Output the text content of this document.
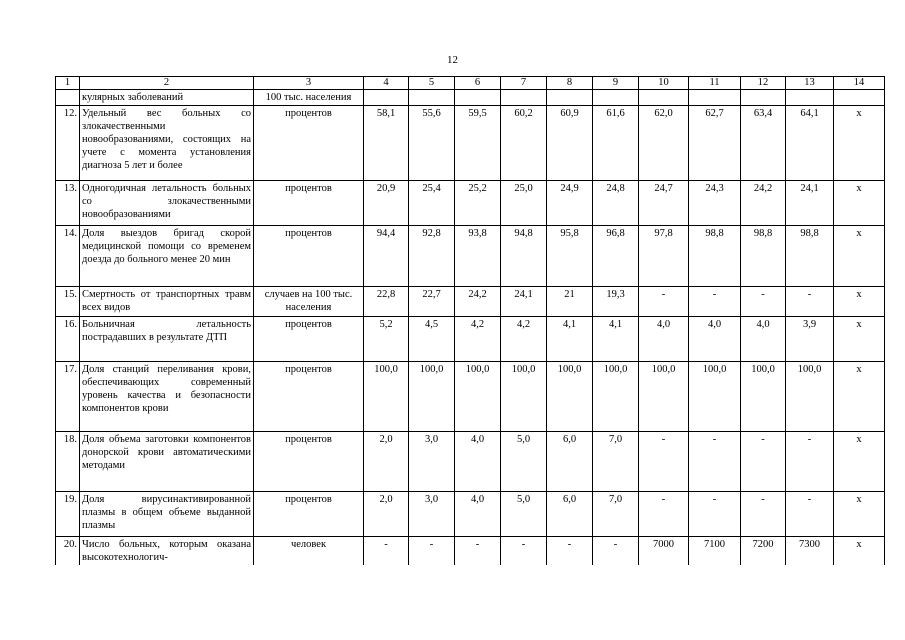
12
1	2	3	4	5	6	7	8	9	10	11	12	13	14
	кулярных заболеваний	100 тыс. населения											
12.	Удельный вес больных со злокачественными новообразованиями, состоящих на учете с момента установления диагноза 5 лет и более	процентов	58,1	55,6	59,5	60,2	60,9	61,6	62,0	62,7	63,4	64,1	х
13.	Одногодичная летальность больных со злокачественными новообразованиями	процентов	20,9	25,4	25,2	25,0	24,9	24,8	24,7	24,3	24,2	24,1	х
14.	Доля выездов бригад скорой медицинской помощи со временем доезда до больного менее 20 мин	процентов	94,4	92,8	93,8	94,8	95,8	96,8	97,8	98,8	98,8	98,8	х
15.	Смертность от транспортных травм всех видов	случаев на 100 тыс. населения	22,8	22,7	24,2	24,1	21	19,3	-	-	-	-	х
16.	Больничная летальность пострадавших в результате ДТП	процентов	5,2	4,5	4,2	4,2	4,1	4,1	4,0	4,0	4,0	3,9	х
17.	Доля станций переливания крови, обеспечивающих современный уровень качества и безопасности компонентов крови	процентов	100,0	100,0	100,0	100,0	100,0	100,0	100,0	100,0	100,0	100,0	х
18.	Доля объема заготовки компонентов донорской крови автоматическими методами	процентов	2,0	3,0	4,0	5,0	6,0	7,0	-	-	-	-	х
19.	Доля вирусинактивированной плазмы в общем объеме выданной плазмы	процентов	2,0	3,0	4,0	5,0	6,0	7,0	-	-	-	-	х
20.	Число больных, которым оказана высокотехнологич-	человек	-	-	-	-	-	-	7000	7100	7200	7300	х
